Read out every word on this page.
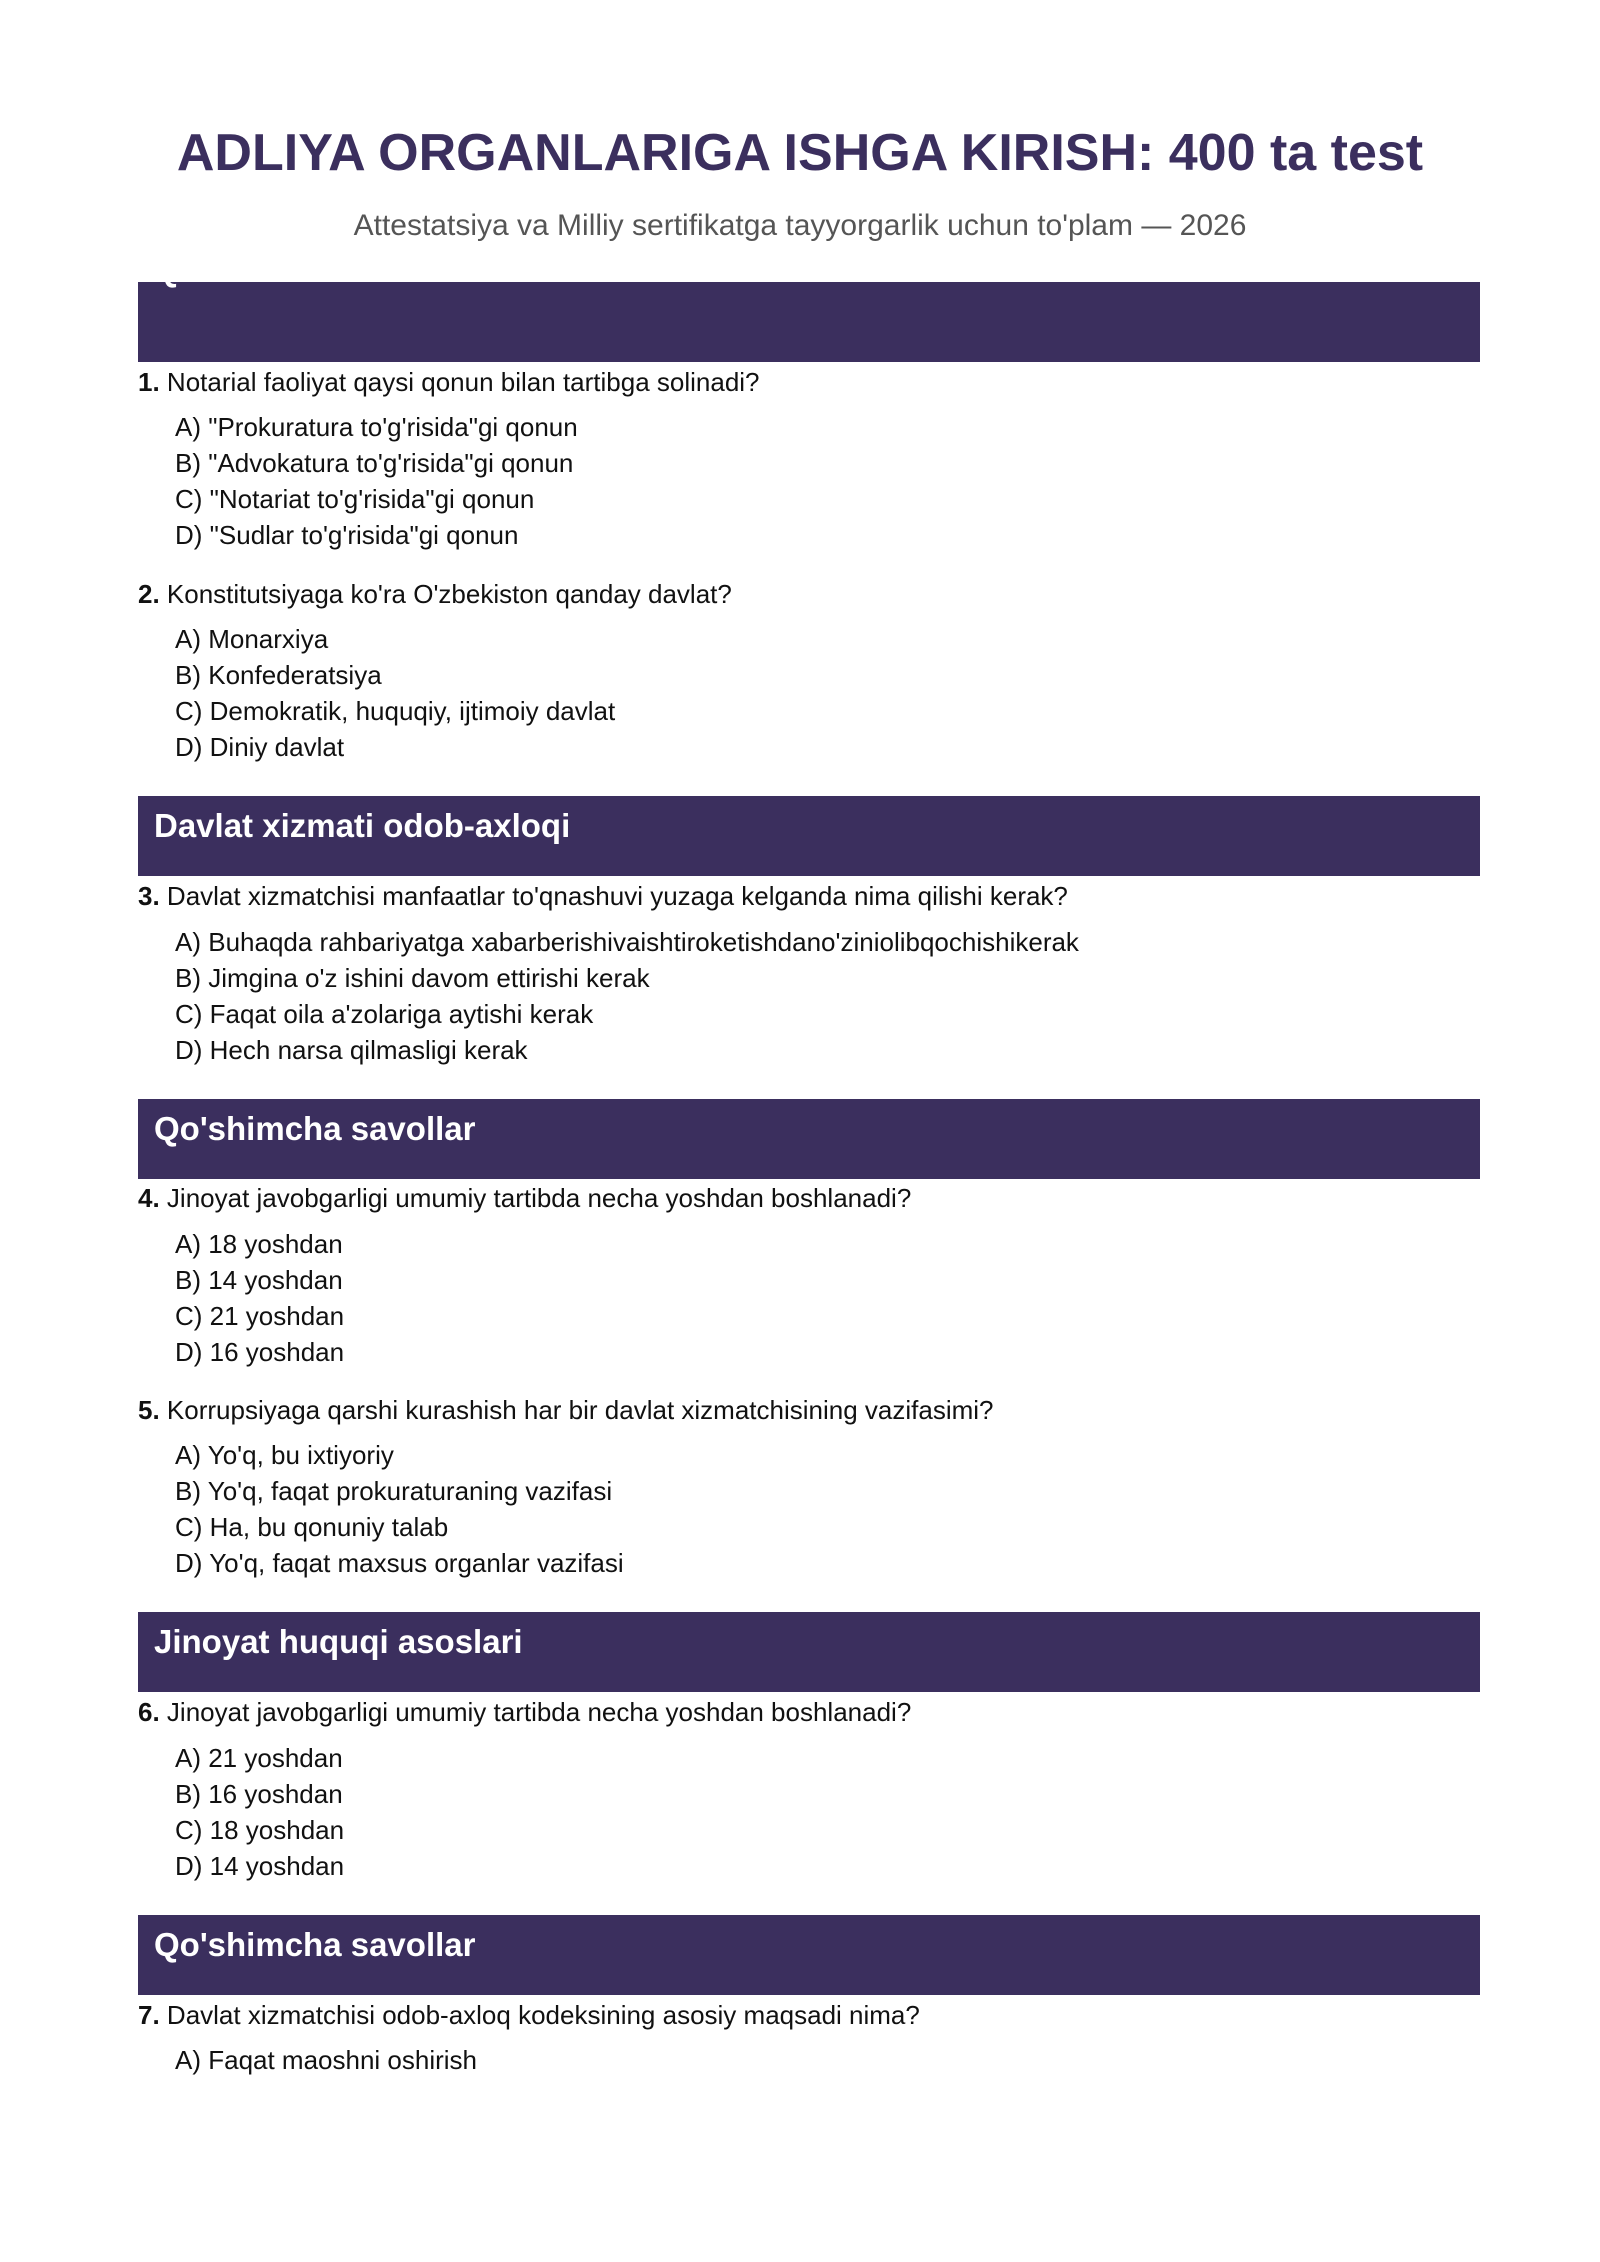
ADLIYA ORGANLARIGA ISHGA KIRISH: 400 ta test

Attestatsiya va Milliy sertifikatga tayyorgarlik uchun to'plam — 2026

Qo'shimcha savollar
1. Notarial faoliyat qaysi qonun bilan tartibga solinadi?
A) "Prokuratura to'g'risida"gi qonun
B) "Advokatura to'g'risida"gi qonun
C) "Notariat to'g'risida"gi qonun
D) "Sudlar to'g'risida"gi qonun
2. Konstitutsiyaga ko'ra O'zbekiston qanday davlat?
A) Monarxiya
B) Konfederatsiya
C) Demokratik, huquqiy, ijtimoiy davlat
D) Diniy davlat
Davlat xizmati odob-axloqi
3. Davlat xizmatchisi manfaatlar to'qnashuvi yuzaga kelganda nima qilishi kerak?
A) Buhaqda rahbariyatga xabarberishivaishtiroketishdano'ziniolibqochishikerak
B) Jimgina o'z ishini davom ettirishi kerak
C) Faqat oila a'zolariga aytishi kerak
D) Hech narsa qilmasligi kerak
Qo'shimcha savollar
4. Jinoyat javobgarligi umumiy tartibda necha yoshdan boshlanadi?
A) 18 yoshdan
B) 14 yoshdan
C) 21 yoshdan
D) 16 yoshdan
5. Korrupsiyaga qarshi kurashish har bir davlat xizmatchisining vazifasimi?
A) Yo'q, bu ixtiyoriy
B) Yo'q, faqat prokuraturaning vazifasi
C) Ha, bu qonuniy talab
D) Yo'q, faqat maxsus organlar vazifasi
Jinoyat huquqi asoslari
6. Jinoyat javobgarligi umumiy tartibda necha yoshdan boshlanadi?
A) 21 yoshdan
B) 16 yoshdan
C) 18 yoshdan
D) 14 yoshdan
Qo'shimcha savollar
7. Davlat xizmatchisi odob-axloq kodeksining asosiy maqsadi nima?
A) Faqat maoshni oshirish
